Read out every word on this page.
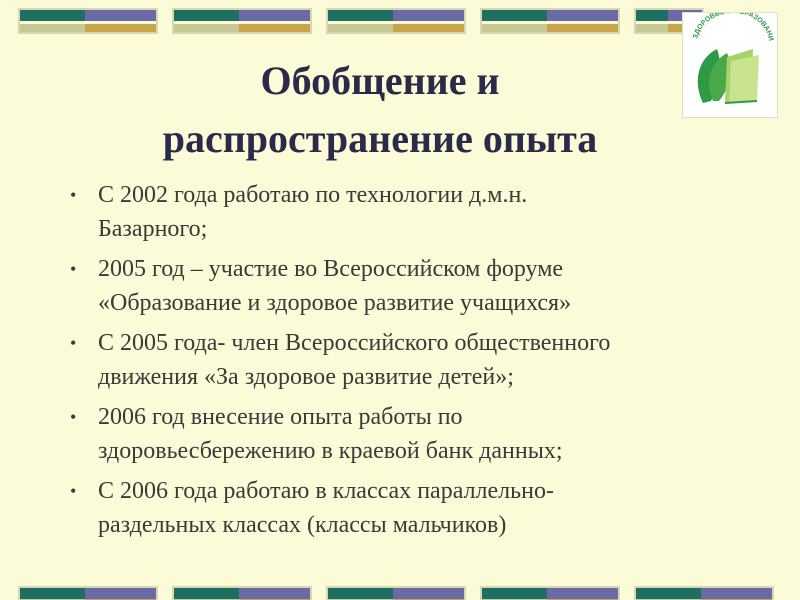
ЗДОРОВЬ РАЗОВАНИ
Обобщение и
распространение опыта
• С 2002 года работаю по технологии д.м.н.
Базарного;
• 2005 год – участие во Всероссийском форуме
«Образование и здоровое развитие учащихся»
• С 2005 года- член Всероссийского общественного
движения «За здоровое развитие детей»;
• 2006 год внесение опыта работы по
здоровьесбережению в краевой банк данных;
• С 2006 года работаю в классах параллельно-
раздельных классах (классы мальчиков)
